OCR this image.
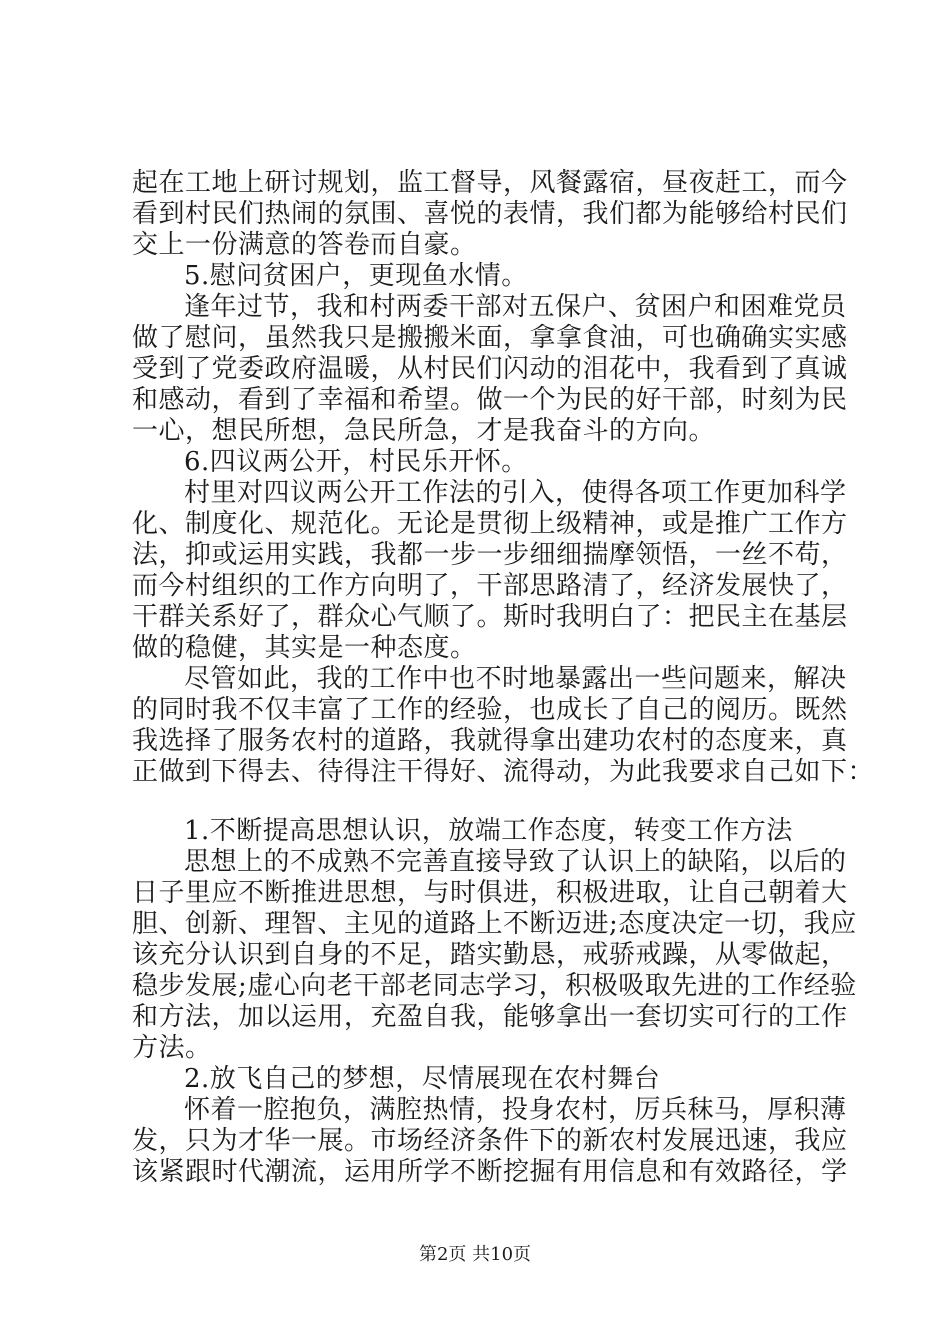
起在工地上研讨规划，监工督导，风餐露宿，昼夜赶工，而今
看到村民们热闹的氛围、喜悦的表情，我们都为能够给村民们
交上一份满意的答卷而自豪。
5.慰问贫困户，更现鱼水情。
逢年过节，我和村两委干部对五保户、贫困户和困难党员
做了慰问，虽然我只是搬搬米面，拿拿食油，可也确确实实感
受到了党委政府温暖，从村民们闪动的泪花中，我看到了真诚
和感动，看到了幸福和希望。做一个为民的好干部，时刻为民
一心，想民所想，急民所急，才是我奋斗的方向。
6.四议两公开，村民乐开怀。
村里对四议两公开工作法的引入，使得各项工作更加科学
化、制度化、规范化。无论是贯彻上级精神，或是推广工作方
法，抑或运用实践，我都一步一步细细揣摩领悟，一丝不苟，
而今村组织的工作方向明了，干部思路清了，经济发展快了，
干群关系好了，群众心气顺了。斯时我明白了：把民主在基层
做的稳健，其实是一种态度。
尽管如此，我的工作中也不时地暴露出一些问题来，解决
的同时我不仅丰富了工作的经验，也成长了自己的阅历。既然
我选择了服务农村的道路，我就得拿出建功农村的态度来，真
正做到下得去、待得注干得好、流得动，为此我要求自己如下：
1.不断提高思想认识，放端工作态度，转变工作方法
思想上的不成熟不完善直接导致了认识上的缺陷，以后的
日子里应不断推进思想，与时俱进，积极进取，让自己朝着大
胆、创新、理智、主见的道路上不断迈进;态度决定一切，我应
该充分认识到自身的不足，踏实勤恳，戒骄戒躁，从零做起，
稳步发展;虚心向老干部老同志学习，积极吸取先进的工作经验
和方法，加以运用，充盈自我，能够拿出一套切实可行的工作
方法。
2.放飞自己的梦想，尽情展现在农村舞台
怀着一腔抱负，满腔热情，投身农村，厉兵秣马，厚积薄
发，只为才华一展。市场经济条件下的新农村发展迅速，我应
该紧跟时代潮流，运用所学不断挖掘有用信息和有效路径，学
第2页 共10页
